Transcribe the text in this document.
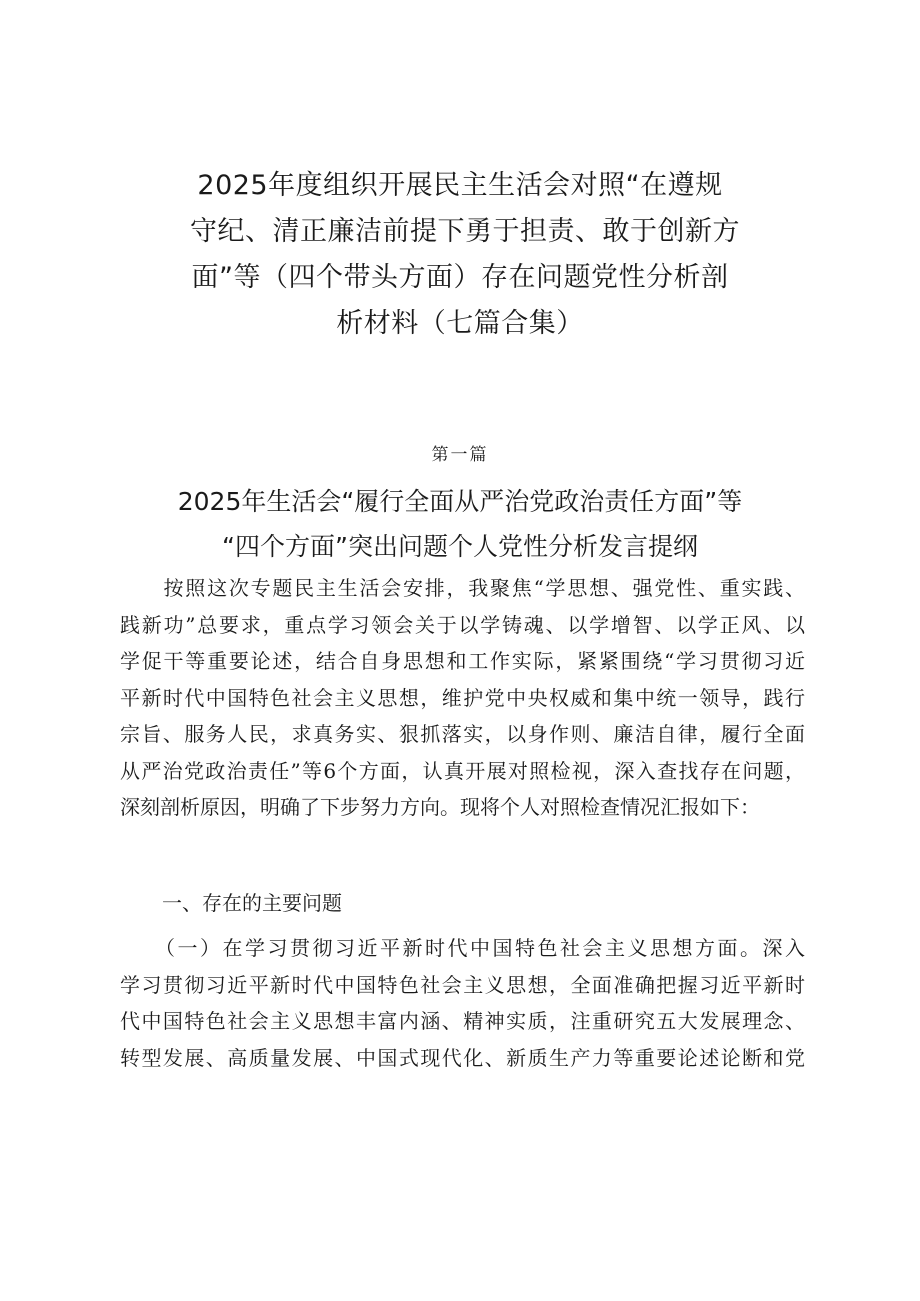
2025年度组织开展民主生活会对照“在遵规
守纪、清正廉洁前提下勇于担责、敢于创新方
面”等（四个带头方面）存在问题党性分析剖
析材料（七篇合集）
第一篇
2025年生活会“履行全面从严治党政治责任方面”等
“四个方面”突出问题个人党性分析发言提纲

　　按照这次专题民主生活会安排，我聚焦“学思想、强党性、重实践、
践新功”总要求，重点学习领会关于以学铸魂、以学增智、以学正风、以
学促干等重要论述，结合自身思想和工作实际，紧紧围绕“学习贯彻习近
平新时代中国特色社会主义思想，维护党中央权威和集中统一领导，践行
宗旨、服务人民，求真务实、狠抓落实，以身作则、廉洁自律，履行全面
从严治党政治责任”等6个方面，认真开展对照检视，深入查找存在问题，
深刻剖析原因，明确了下步努力方向。现将个人对照检查情况汇报如下：

一、存在的主要问题

　　（一）在学习贯彻习近平新时代中国特色社会主义思想方面。深入
学习贯彻习近平新时代中国特色社会主义思想，全面准确把握习近平新时
代中国特色社会主义思想丰富内涵、精神实质，注重研究五大发展理念、
转型发展、高质量发展、中国式现代化、新质生产力等重要论述论断和党
